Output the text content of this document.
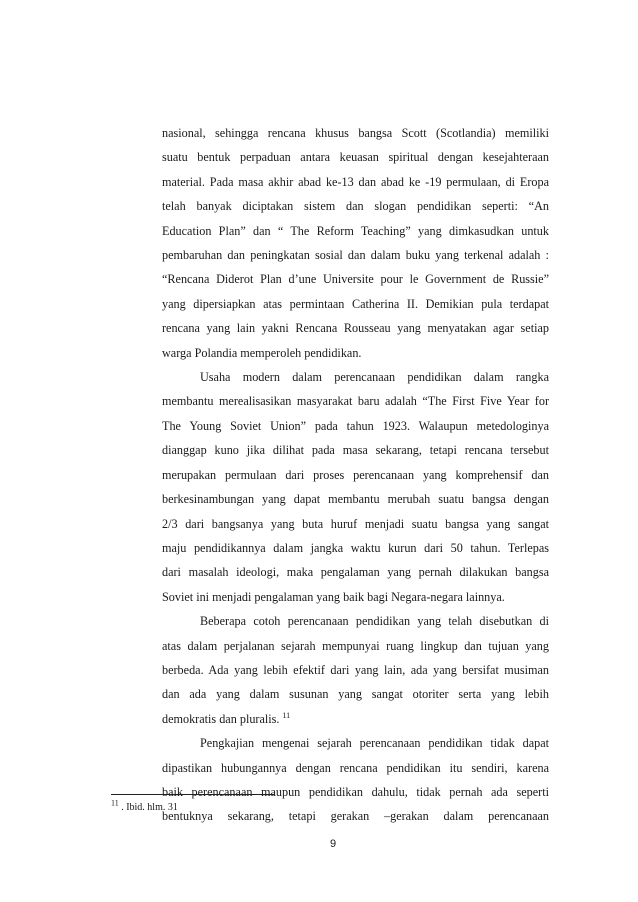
nasional, sehingga rencana khusus bangsa Scott (Scotlandia) memiliki

suatu bentuk perpaduan antara keuasan spiritual dengan kesejahteraan

material. Pada masa akhir abad ke-13 dan abad ke -19 permulaan, di Eropa

telah banyak diciptakan sistem dan slogan pendidikan seperti: “An

Education Plan” dan “ The Reform Teaching” yang dimkasudkan untuk

pembaruhan dan peningkatan sosial dan dalam buku yang terkenal adalah :

“Rencana Diderot Plan d’une Universite pour le Government de Russie”

yang dipersiapkan atas permintaan Catherina II. Demikian pula terdapat

rencana yang lain yakni Rencana Rousseau yang menyatakan agar setiap

warga Polandia memperoleh pendidikan.

Usaha modern dalam perencanaan pendidikan dalam rangka

membantu merealisasikan masyarakat baru adalah “The First Five Year for

The Young Soviet Union” pada tahun 1923. Walaupun metedologinya

dianggap kuno jika dilihat pada masa sekarang, tetapi rencana tersebut

merupakan permulaan dari proses perencanaan yang komprehensif dan

berkesinambungan yang dapat membantu merubah suatu bangsa dengan

2/3 dari bangsanya yang buta huruf menjadi suatu bangsa yang sangat

maju pendidikannya dalam jangka waktu kurun dari 50 tahun. Terlepas

dari masalah ideologi, maka pengalaman yang pernah dilakukan bangsa

Soviet ini menjadi pengalaman yang baik bagi Negara-negara lainnya.

Beberapa cotoh perencanaan pendidikan yang telah disebutkan di

atas dalam perjalanan sejarah mempunyai ruang lingkup dan tujuan yang

berbeda. Ada yang lebih efektif dari yang lain, ada yang bersifat musiman

dan ada yang dalam susunan yang sangat otoriter serta yang lebih

demokratis dan pluralis. $^{11}$

Pengkajian mengenai sejarah perencanaan pendidikan tidak dapat

dipastikan hubungannya dengan rencana pendidikan itu sendiri, karena

baik perencanaan maupun pendidikan dahulu, tidak pernah ada seperti

bentuknya sekarang, tetapi gerakan –gerakan dalam perencanaan

$^{11}$ . Ibid. hlm. 31
9
